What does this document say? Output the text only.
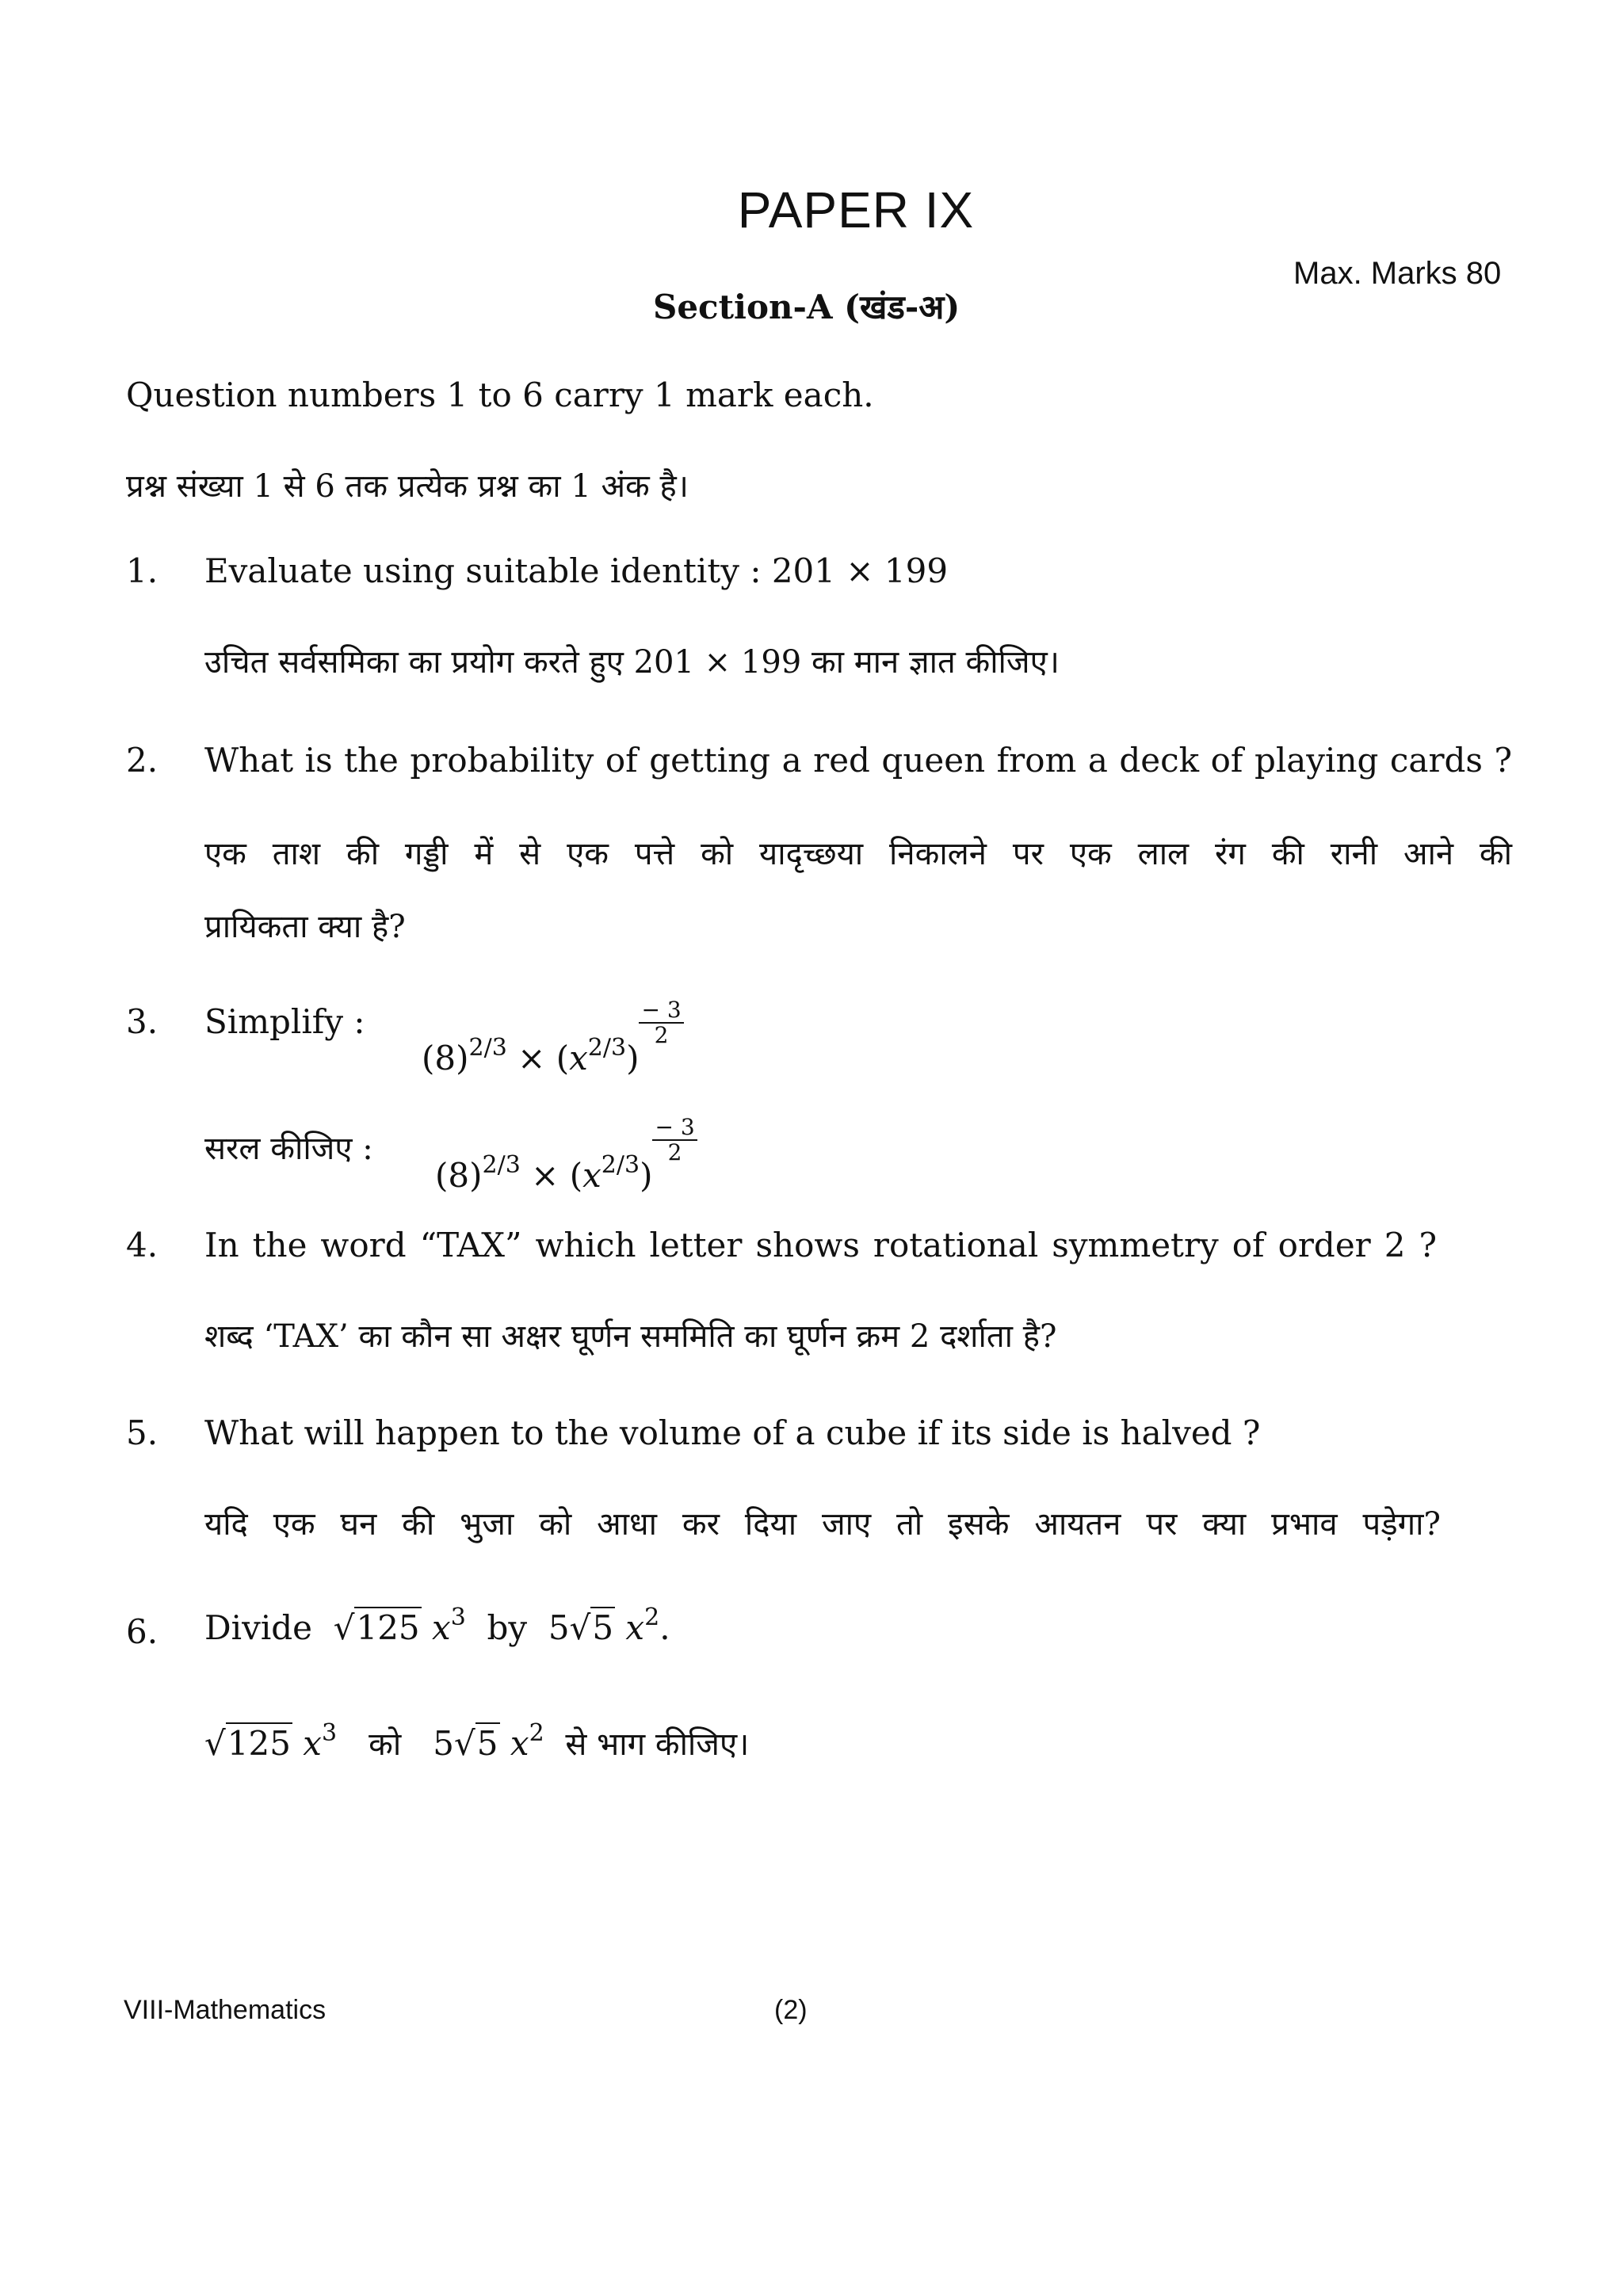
PAPER IX
Max. Marks 80
Section-A (खंड-अ)
Question numbers 1 to 6 carry 1 mark each.
प्रश्न संख्या 1 से 6 तक प्रत्येक प्रश्न का 1 अंक है।
1. Evaluate using suitable identity : 201 × 199
उचित सर्वसमिका का प्रयोग करते हुए 201 × 199 का मान ज्ञात कीजिए।
2. What is the probability of getting a red queen from a deck of playing cards ?
एक ताश की गड्डी में से एक पत्ते को यादृच्छया निकालने पर एक लाल रंग की रानी आने की
प्रायिकता क्या है?
3. Simplify :
$(8)^{2/3} \times (x^{2/3})$
$\frac{- 3}{2}$
सरल कीजिए :
$(8)^{2/3} \times (x^{2/3})$
$\frac{- 3}{2}$
4. In the word “TAX” which letter shows rotational symmetry of order 2 ?
शब्द ‘TAX’ का कौन सा अक्षर घूर्णन सममिति का घूर्णन क्रम 2 दर्शाता है?
5. What will happen to the volume of a cube if its side is halved ?
यदि एक घन की भुजा को आधा कर दिया जाए तो इसके आयतन पर क्या प्रभाव पड़ेगा?
6. Divide √125 $x^3$ by 5√5 $x^2$.
√125 $x^3$ को 5√5 $x^2$ से भाग कीजिए।
VIII-Mathematics	(2)
